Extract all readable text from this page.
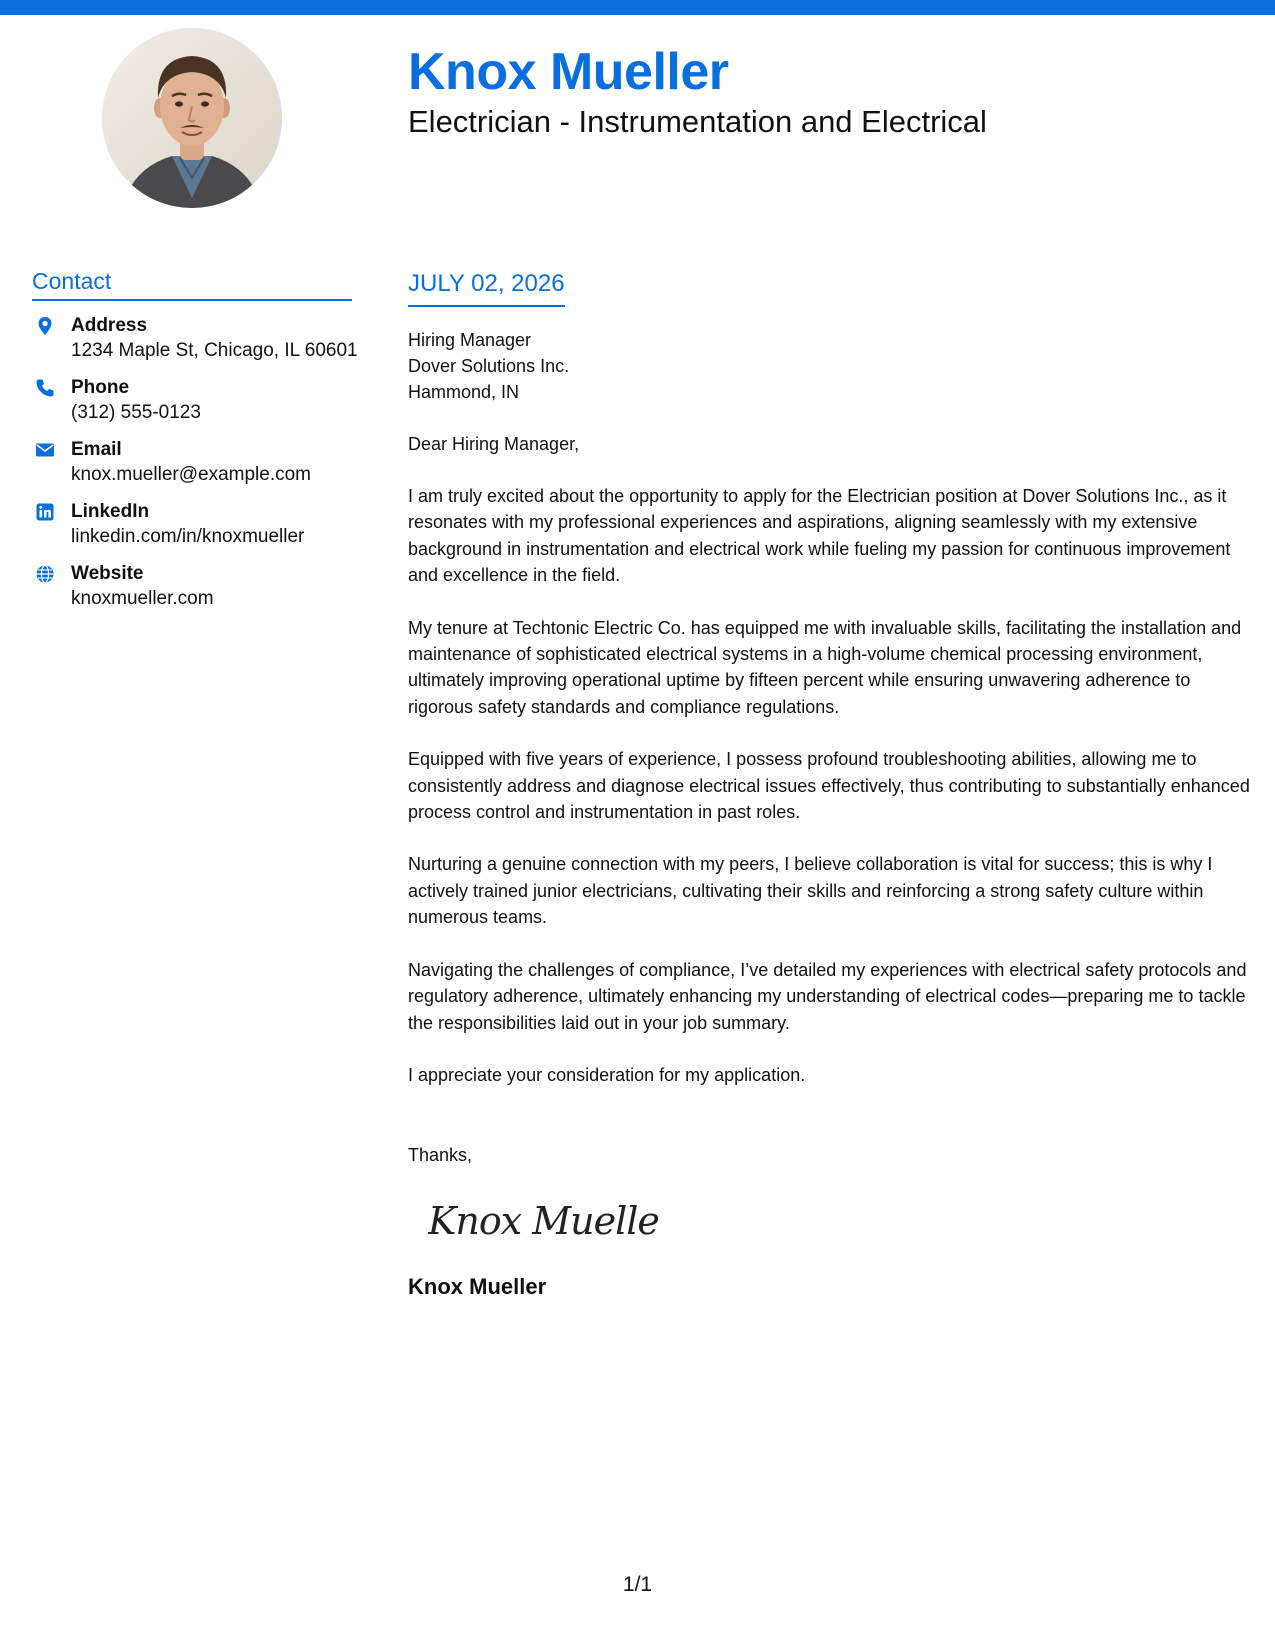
Knox Mueller
Electrician - Instrumentation and Electrical
Contact
Address
1234 Maple St, Chicago, IL 60601
Phone
(312) 555-0123
Email
knox.mueller@example.com
LinkedIn
linkedin.com/in/knoxmueller
Website
knoxmueller.com
JULY 02, 2026
Hiring Manager
Dover Solutions Inc.
Hammond, IN
Dear Hiring Manager,

I am truly excited about the opportunity to apply for the Electrician position at Dover Solutions Inc., as it resonates with my professional experiences and aspirations, aligning seamlessly with my extensive background in instrumentation and electrical work while fueling my passion for continuous improvement and excellence in the field.

My tenure at Techtonic Electric Co. has equipped me with invaluable skills, facilitating the installation and maintenance of sophisticated electrical systems in a high-volume chemical processing environment, ultimately improving operational uptime by fifteen percent while ensuring unwavering adherence to rigorous safety standards and compliance regulations.

Equipped with five years of experience, I possess profound troubleshooting abilities, allowing me to consistently address and diagnose electrical issues effectively, thus contributing to substantially enhanced process control and instrumentation in past roles.

Nurturing a genuine connection with my peers, I believe collaboration is vital for success; this is why I actively trained junior electricians, cultivating their skills and reinforcing a strong safety culture within numerous teams.

Navigating the challenges of compliance, I’ve detailed my experiences with electrical safety protocols and regulatory adherence, ultimately enhancing my understanding of electrical codes—preparing me to tackle the responsibilities laid out in your job summary.

I appreciate your consideration for my application.

Thanks,
Knox Mueller
Knox Mueller
1/1
